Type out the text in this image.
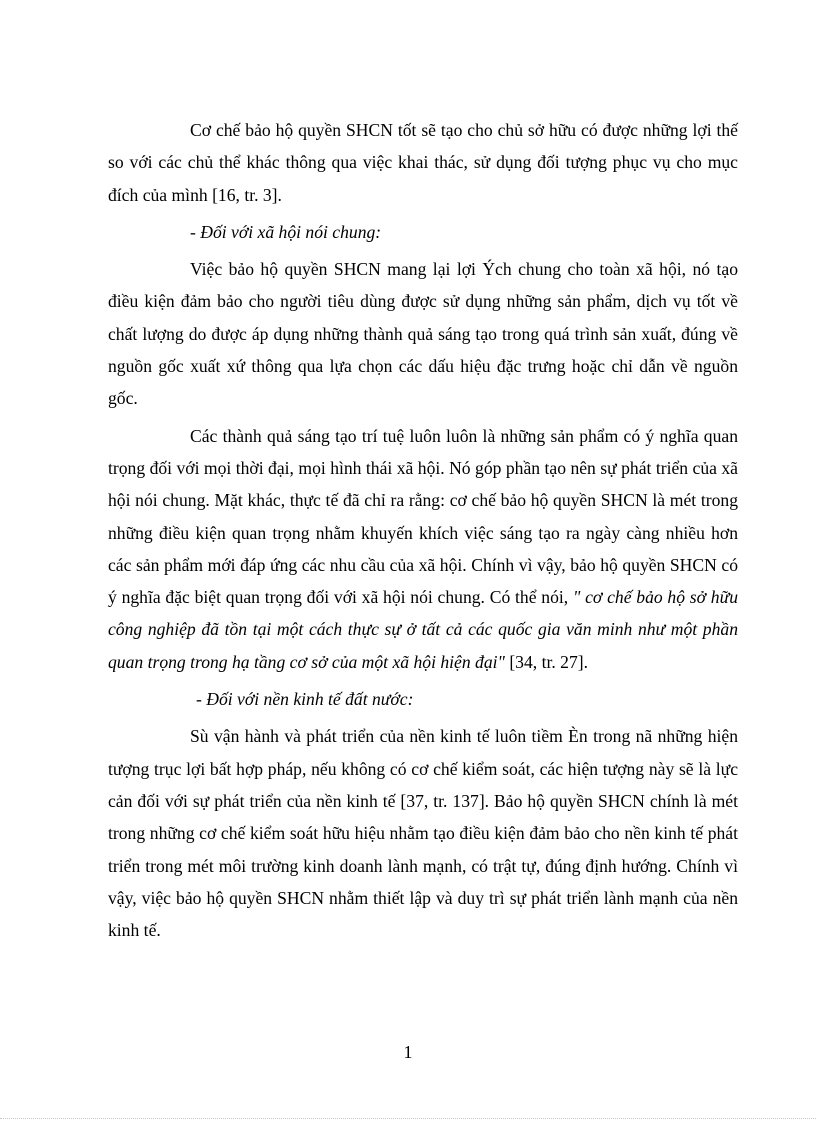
Cơ chế bảo hộ quyền SHCN tốt sẽ tạo cho chủ sở hữu có được những lợi thế so với các chủ thể khác thông qua việc khai thác, sử dụng đối tượng phục vụ cho mục đích của mình [16, tr. 3].

- Đối với xã hội nói chung:

Việc bảo hộ quyền SHCN mang lại lợi Ých chung cho toàn xã hội, nó tạo điều kiện đảm bảo cho người tiêu dùng được sử dụng những sản phẩm, dịch vụ tốt về chất lượng do được áp dụng những thành quả sáng tạo trong quá trình sản xuất, đúng về nguồn gốc xuất xứ thông qua lựa chọn các dấu hiệu đặc trưng hoặc chỉ dẫn về nguồn gốc.

Các thành quả sáng tạo trí tuệ luôn luôn là những sản phẩm có ý nghĩa quan trọng đối với mọi thời đại, mọi hình thái xã hội. Nó góp phần tạo nên sự phát triển của xã hội nói chung. Mặt khác, thực tế đã chỉ ra rằng: cơ chế bảo hộ quyền SHCN là mét trong những điều kiện quan trọng nhằm khuyến khích việc sáng tạo ra ngày càng nhiều hơn các sản phẩm mới đáp ứng các nhu cầu của xã hội. Chính vì vậy, bảo hộ quyền SHCN có ý nghĩa đặc biệt quan trọng đối với xã hội nói chung. Có thể nói, " cơ chế bảo hộ sở hữu công nghiệp đã tồn tại một cách thực sự ở tất cả các quốc gia văn minh như một phần quan trọng trong hạ tầng cơ sở của một xã hội hiện đại" [34, tr. 27].

- Đối với nền kinh tế đất nước:

Sù vận hành và phát triển của nền kinh tế luôn tiềm Èn trong nã những hiện tượng trục lợi bất hợp pháp, nếu không có cơ chế kiểm soát, các hiện tượng này sẽ là lực cản đối với sự phát triển của nền kinh tế [37, tr. 137]. Bảo hộ quyền SHCN chính là mét trong những cơ chế kiểm soát hữu hiệu nhằm tạo điều kiện đảm bảo cho nền kinh tế phát triển trong mét môi trường kinh doanh lành mạnh, có trật tự, đúng định hướng. Chính vì vậy, việc bảo hộ quyền SHCN nhằm thiết lập và duy trì sự phát triển lành mạnh của nền kinh tế.

1
